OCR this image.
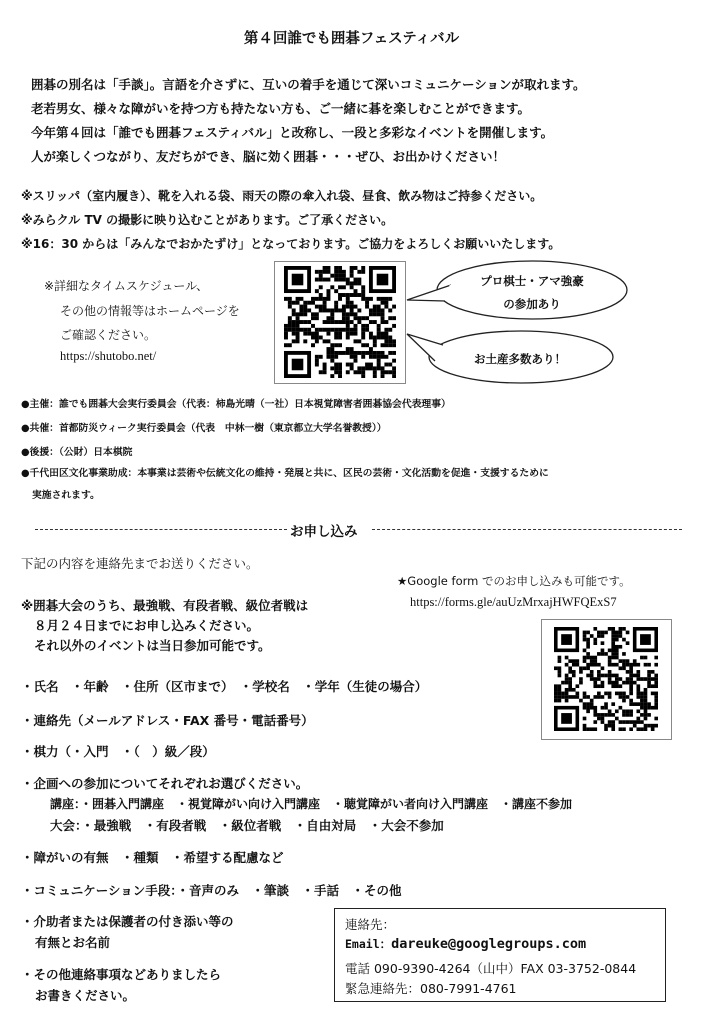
第４回誰でも囲碁フェスティバル
囲碁の別名は「手談」。言語を介さずに、互いの着手を通じて深いコミュニケーションが取れます。
老若男女、様々な障がいを持つ方も持たない方も、ご一緒に碁を楽しむことができます。
今年第４回は「誰でも囲碁フェスティバル」と改称し、一段と多彩なイベントを開催します。
人が楽しくつながり、友だちができ、脳に効く囲碁・・・ぜひ、お出かけください！
※スリッパ（室内履き）、靴を入れる袋、雨天の際の傘入れ袋、昼食、飲み物はご持参ください。
※みらクル TV の撮影に映り込むことがあります。ご了承ください。
※16：30 からは「みんなでおかたずけ」となっております。ご協力をよろしくお願いいたします。
※詳細なタイムスケジュール、
その他の情報等はホームページを
ご確認ください。
https://shutobo.net/
プロ棋士・アマ強豪
の参加あり
お土産多数あり！
●主催：誰でも囲碁大会実行委員会（代表：柿島光晴（一社）日本視覚障害者囲碁協会代表理事）
●共催：首都防災ウィーク実行委員会（代表　中林一樹（東京都立大学名誉教授））
●後援：（公財）日本棋院
●千代田区文化事業助成：本事業は芸術や伝統文化の維持・発展と共に、区民の芸術・文化活動を促進・支援するために
実施されます。
お申し込み
下記の内容を連絡先までお送りください。
★Google form でのお申し込みも可能です。
https://forms.gle/auUzMrxajHWFQExS7
※囲碁大会のうち、最強戦、有段者戦、級位者戦は
８月２４日までにお申し込みください。
それ以外のイベントは当日参加可能です。
・氏名　・年齢　・住所（区市まで）　・学校名　・学年（生徒の場合）
・連絡先（メールアドレス・FAX 番号・電話番号）
・棋力（・入門　・（　）級／段）
・企画への参加についてそれぞれお選びください。
講座：・囲碁入門講座　・視覚障がい向け入門講座　・聴覚障がい者向け入門講座　・講座不参加
大会：・最強戦　・有段者戦　・級位者戦　・自由対局　・大会不参加
・障がいの有無　・種類　・希望する配慮など
・コミュニケーション手段：・音声のみ　・筆談　・手話　・その他
・介助者または保護者の付き添い等の
有無とお名前
・その他連絡事項などありましたら
お書きください。
連絡先：
Email：dareuke@googlegroups.com
電話 090-9390-4264（山中）FAX 03-3752-0844
緊急連絡先：080-7991-4761
